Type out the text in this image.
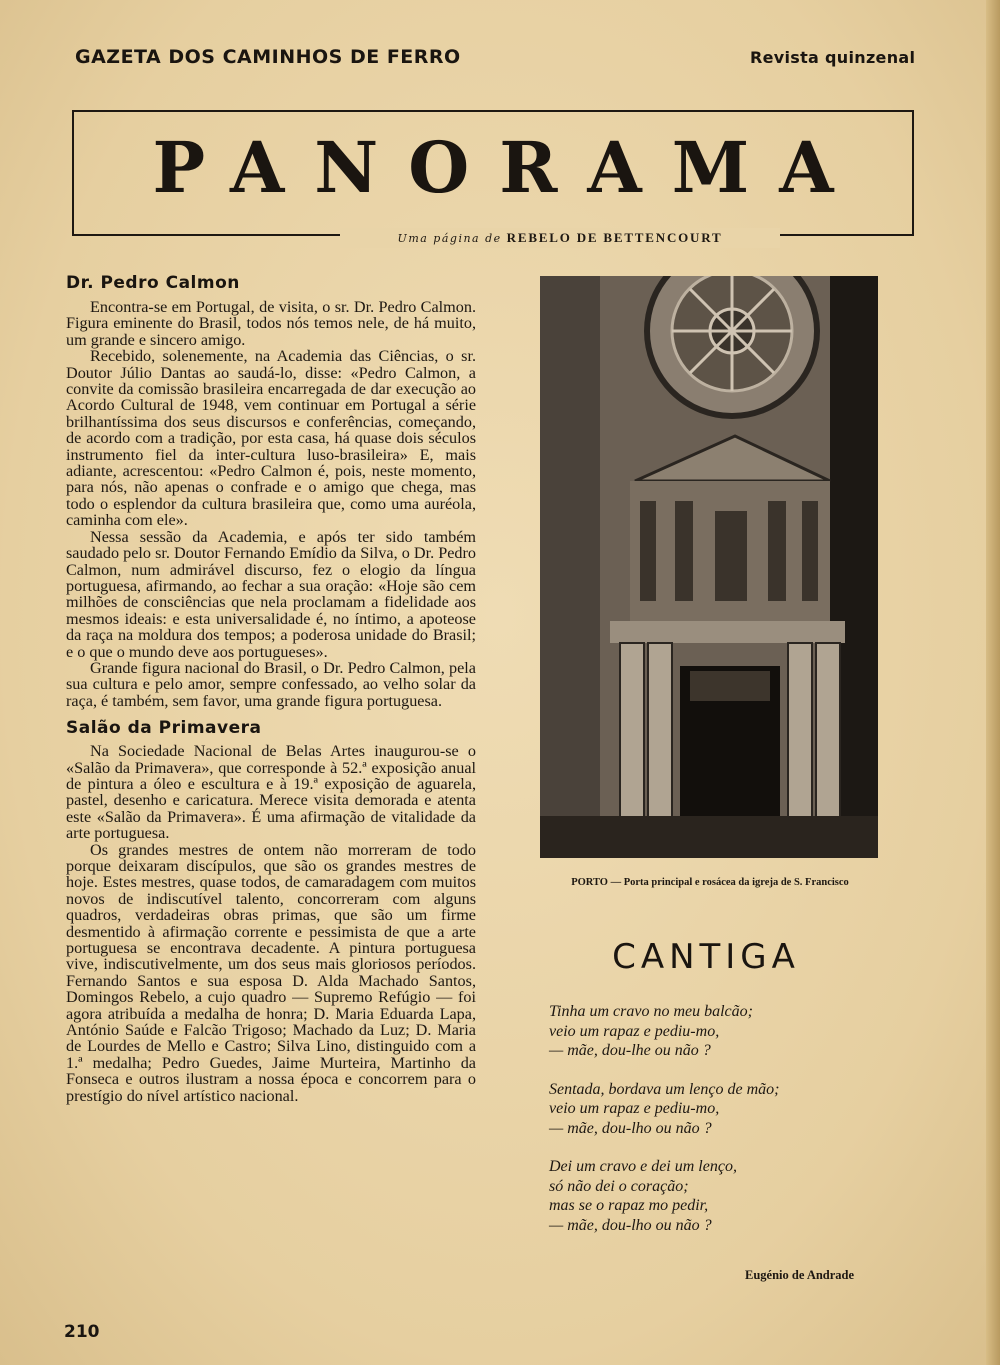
GAZETA DOS CAMINHOS DE FERRO	Revista quinzenal
PANORAMA
Uma página de REBELO DE BETTENCOURT
Dr. Pedro Calmon

Encontra-se em Portugal, de visita, o sr. Dr. Pedro Calmon. Figura eminente do Brasil, todos nós temos nele, de há muito, um grande e sincero amigo.

Recebido, solenemente, na Academia das Ciências, o sr. Doutor Júlio Dantas ao saudá-lo, disse: «Pedro Calmon, a convite da comissão brasileira encarregada de dar execução ao Acordo Cultural de 1948, vem continuar em Portugal a série brilhantíssima dos seus discursos e conferências, começando, de acordo com a tradição, por esta casa, há quase dois séculos instrumento fiel da inter-cultura luso-brasileira» E, mais adiante, acrescentou: «Pedro Calmon é, pois, neste momento, para nós, não apenas o confrade e o amigo que chega, mas todo o esplendor da cultura brasileira que, como uma auréola, caminha com ele».

Nessa sessão da Academia, e após ter sido também saudado pelo sr. Doutor Fernando Emídio da Silva, o Dr. Pedro Calmon, num admirável discurso, fez o elogio da língua portuguesa, afirmando, ao fechar a sua oração: «Hoje são cem milhões de consciências que nela proclamam a fidelidade aos mesmos ideais: e esta universalidade é, no íntimo, a apoteose da raça na moldura dos tempos; a poderosa unidade do Brasil; e o que o mundo deve aos portugueses».

Grande figura nacional do Brasil, o Dr. Pedro Calmon, pela sua cultura e pelo amor, sempre confessado, ao velho solar da raça, é também, sem favor, uma grande figura portuguesa.

Salão da Primavera

Na Sociedade Nacional de Belas Artes inaugurou-se o «Salão da Primavera», que corresponde à 52.ª exposição anual de pintura a óleo e escultura e à 19.ª exposição de aguarela, pastel, desenho e caricatura. Merece visita demorada e atenta este «Salão da Primavera». É uma afirmação de vitalidade da arte portuguesa.

Os grandes mestres de ontem não morreram de todo porque deixaram discípulos, que são os grandes mestres de hoje. Estes mestres, quase todos, de camaradagem com muitos novos de indiscutível talento, concorreram com alguns quadros, verdadeiras obras primas, que são um firme desmentido à afirmação corrente e pessimista de que a arte portuguesa se encontrava decadente. A pintura portuguesa vive, indiscutivelmente, um dos seus mais gloriosos períodos. Fernando Santos e sua esposa D. Alda Machado Santos, Domingos Rebelo, a cujo quadro — Supremo Refúgio — foi agora atribuída a medalha de honra; D. Maria Eduarda Lapa, António Saúde e Falcão Trigoso; Machado da Luz; D. Maria de Lourdes de Mello e Castro; Silva Lino, distinguido com a 1.ª medalha; Pedro Guedes, Jaime Murteira, Martinho da Fonseca e outros ilustram a nossa época e concorrem para o prestígio do nível artístico nacional.

PORTO — Porta principal e rosácea da igreja de S. Francisco
CANTIGA
Tinha um cravo no meu balcão;
veio um rapaz e pediu-mo,
— mãe, dou-lhe ou não ?
Sentada, bordava um lenço de mão;
veio um rapaz e pediu-mo,
— mãe, dou-lho ou não ?
Dei um cravo e dei um lenço,
só não dei o coração;
mas se o rapaz mo pedir,
— mãe, dou-lho ou não ?
Eugénio de Andrade
210
